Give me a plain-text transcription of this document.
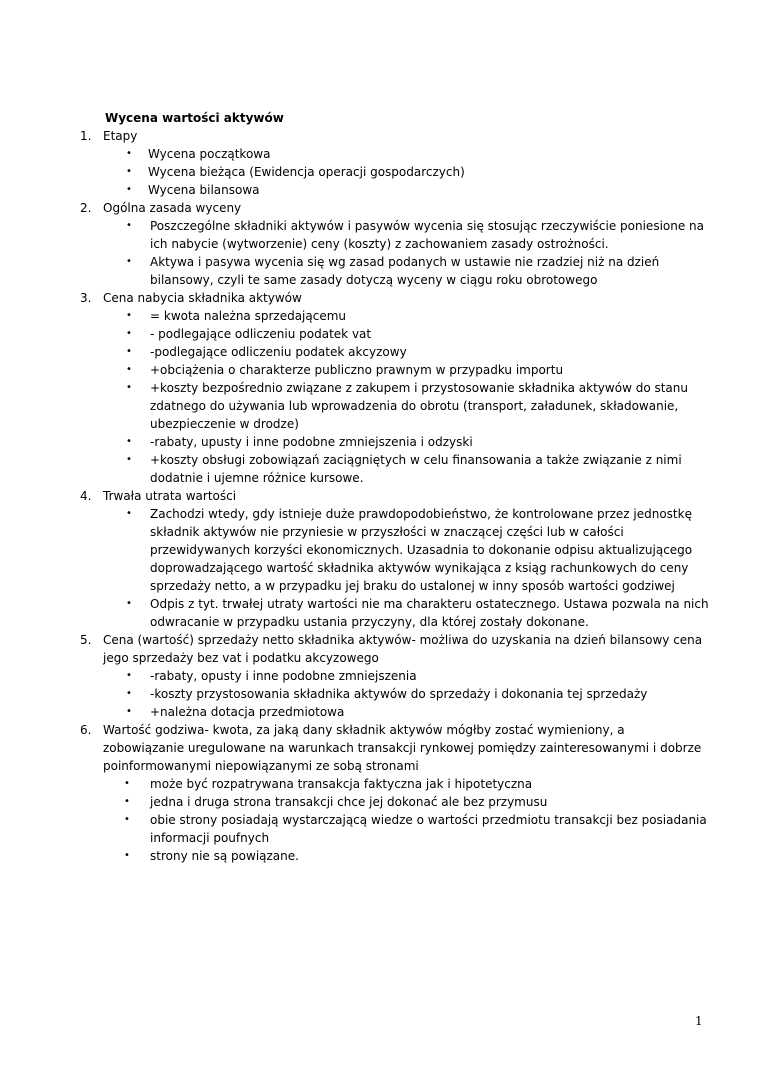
Wycena wartości aktywów
1. Etapy
• Wycena początkowa
• Wycena bieżąca (Ewidencja operacji gospodarczych)
• Wycena bilansowa
2. Ogólna zasada wyceny
• Poszczególne składniki aktywów i pasywów wycenia się stosując rzeczywiście poniesione na ich nabycie (wytworzenie) ceny (koszty) z zachowaniem zasady ostrożności.
• Aktywa i pasywa wycenia się wg zasad podanych w ustawie nie rzadziej niż na dzień bilansowy, czyli te same zasady dotyczą wyceny w ciągu roku obrotowego
3. Cena nabycia składnika aktywów
• = kwota należna sprzedającemu
• - podlegające odliczeniu podatek vat
• -podlegające odliczeniu podatek akcyzowy
• +obciążenia o charakterze publiczno prawnym w przypadku importu
• +koszty bezpośrednio związane z zakupem i przystosowanie składnika aktywów do stanu zdatnego do używania lub wprowadzenia do obrotu (transport, załadunek, składowanie, ubezpieczenie w drodze)
• -rabaty, upusty i inne podobne zmniejszenia i odzyski
• +koszty obsługi zobowiązań zaciągniętych w celu finansowania a także związanie z nimi dodatnie i ujemne różnice kursowe.
4. Trwała utrata wartości
• Zachodzi wtedy, gdy istnieje duże prawdopodobieństwo, że kontrolowane przez jednostkę składnik aktywów nie przyniesie w przyszłości w znaczącej części lub w całości przewidywanych korzyści ekonomicznych. Uzasadnia to dokonanie odpisu aktualizującego doprowadzającego wartość składnika aktywów wynikająca z ksiąg rachunkowych do ceny sprzedaży netto, a w przypadku jej braku do ustalonej w inny sposób wartości godziwej
• Odpis z tyt. trwałej utraty wartości nie ma charakteru ostatecznego. Ustawa pozwala na nich odwracanie w przypadku ustania przyczyny, dla której zostały dokonane.
5. Cena (wartość) sprzedaży netto składnika aktywów- możliwa do uzyskania na dzień bilansowy cena jego sprzedaży bez vat i podatku akcyzowego
• -rabaty, opusty i inne podobne zmniejszenia
• -koszty przystosowania składnika aktywów do sprzedaży i dokonania tej sprzedaży
• +należna dotacja przedmiotowa
6. Wartość godziwa- kwota, za jaką dany składnik aktywów mógłby zostać wymieniony, a zobowiązanie uregulowane na warunkach transakcji rynkowej pomiędzy zainteresowanymi i dobrze poinformowanymi niepowiązanymi ze sobą stronami
• może być rozpatrywana transakcja faktyczna jak i hipotetyczna
• jedna i druga strona transakcji chce jej dokonać ale bez przymusu
• obie strony posiadają wystarczającą wiedze o wartości przedmiotu transakcji bez posiadania informacji poufnych
• strony nie są powiązane.
1
